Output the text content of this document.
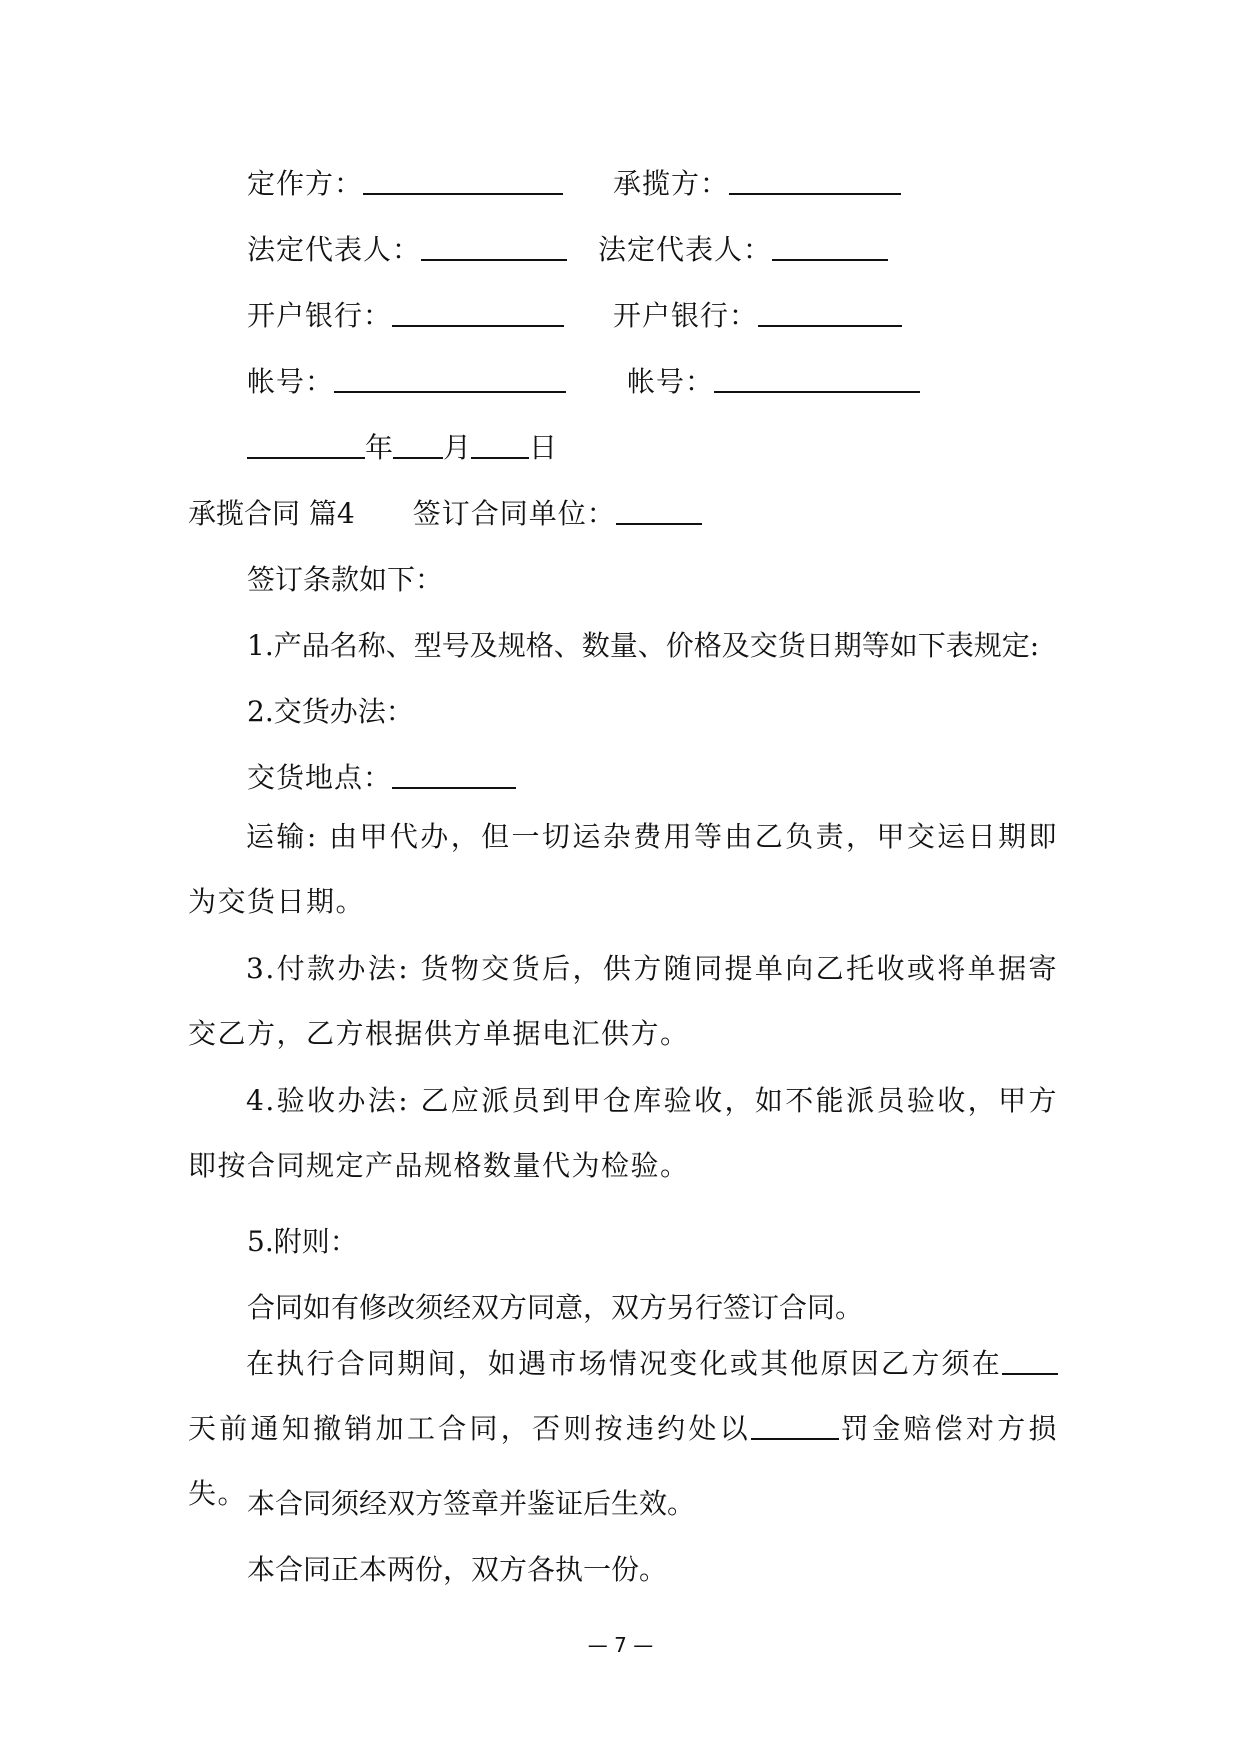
定作方：	承揽方：
法定代表人：	法定代表人：
开户银行：	开户银行：
帐号：	帐号：
年 月 日
承揽合同 篇4 签订合同单位：
签订条款如下：
1.产品名称、型号及规格、数量、价格及交货日期等如下表规定:
2.交货办法：
交货地点：
运输: 由甲代办，但一切运杂费用等由乙负责，甲交运日期即为交货日期。
3.付款办法: 货物交货后，供方随同提单向乙托收或将单据寄交乙方，乙方根据供方单据电汇供方。
4.验收办法: 乙应派员到甲仓库验收，如不能派员验收，甲方即按合同规定产品规格数量代为检验。
5.附则：
合同如有修改须经双方同意，双方另行签订合同。
在执行合同期间，如遇市场情况变化或其他原因乙方须在天前通知撤销加工合同，否则按违约处以	罚金赔偿对方损失。 本合同须经双方签章并鉴证后生效。
本合同正本两份，双方各执一份。
— 7 —
